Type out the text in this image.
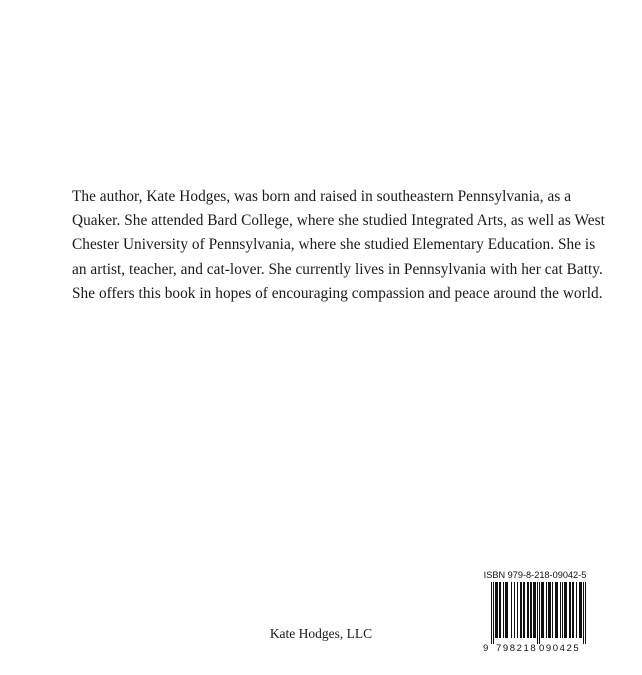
The author, Kate Hodges, was born and raised in southeastern Pennsylvania, as a
Quaker. She attended Bard College, where she studied Integrated Arts, as well as West
Chester University of Pennsylvania, where she studied Elementary Education. She is
an artist, teacher, and cat-lover. She currently lives in Pennsylvania with her cat Batty.
She offers this book in hopes of encouraging compassion and peace around the world.
ISBN 979-8-218-09042-5
9 798218 090425
Kate Hodges, LLC
